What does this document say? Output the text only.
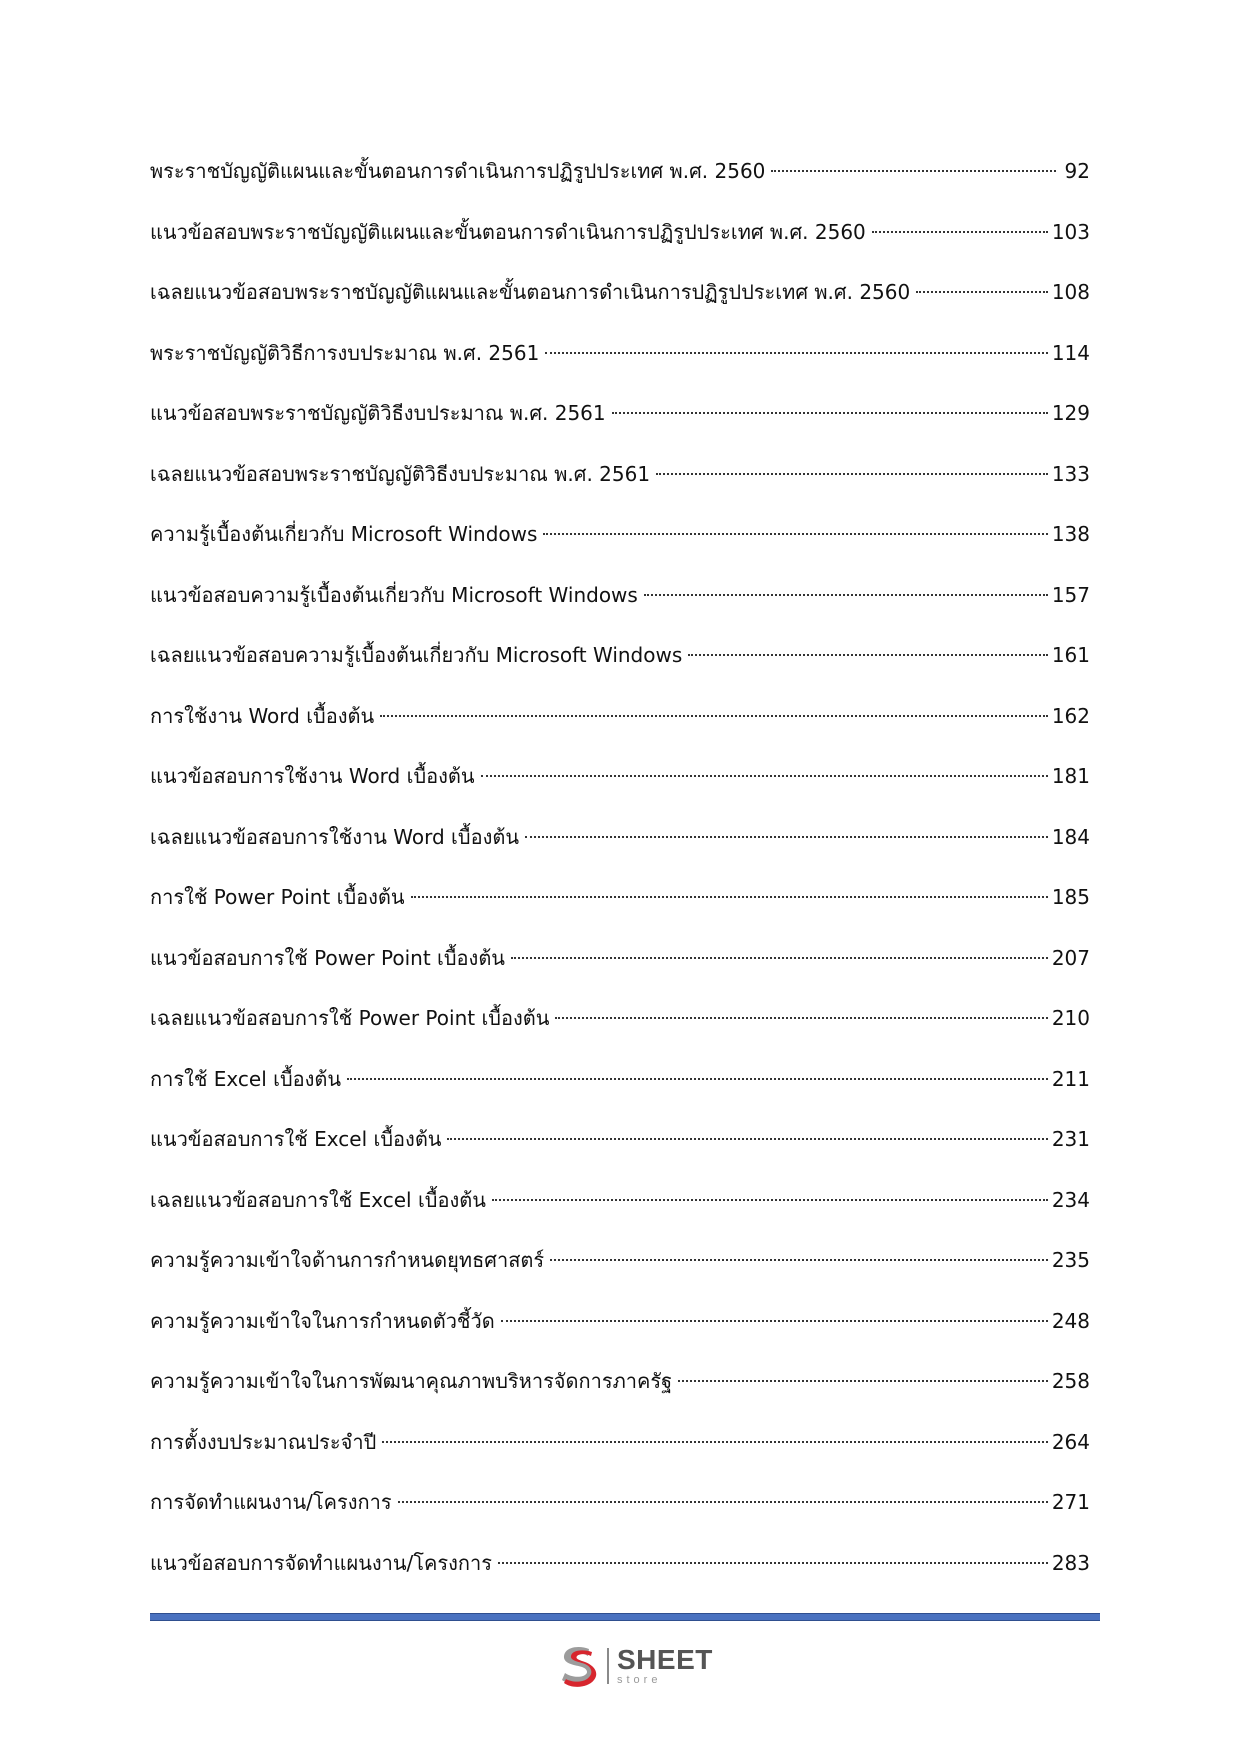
พระราชบัญญัติแผนและขั้นตอนการดำเนินการปฏิรูปประเทศ พ.ศ. 2560	92
แนวข้อสอบพระราชบัญญัติแผนและขั้นตอนการดำเนินการปฏิรูปประเทศ พ.ศ. 2560	103
เฉลยแนวข้อสอบพระราชบัญญัติแผนและขั้นตอนการดำเนินการปฏิรูปประเทศ พ.ศ. 2560	108
พระราชบัญญัติวิธีการงบประมาณ พ.ศ. 2561	114
แนวข้อสอบพระราชบัญญัติวิธีงบประมาณ พ.ศ. 2561	129
เฉลยแนวข้อสอบพระราชบัญญัติวิธีงบประมาณ พ.ศ. 2561	133
ความรู้เบื้องต้นเกี่ยวกับ Microsoft Windows	138
แนวข้อสอบความรู้เบื้องต้นเกี่ยวกับ Microsoft Windows	157
เฉลยแนวข้อสอบความรู้เบื้องต้นเกี่ยวกับ Microsoft Windows	161
การใช้งาน Word เบื้องต้น	162
แนวข้อสอบการใช้งาน Word เบื้องต้น	181
เฉลยแนวข้อสอบการใช้งาน Word เบื้องต้น	184
การใช้ Power Point เบื้องต้น	185
แนวข้อสอบการใช้ Power Point เบื้องต้น	207
เฉลยแนวข้อสอบการใช้ Power Point เบื้องต้น	210
การใช้ Excel เบื้องต้น	211
แนวข้อสอบการใช้ Excel เบื้องต้น	231
เฉลยแนวข้อสอบการใช้ Excel เบื้องต้น	234
ความรู้ความเข้าใจด้านการกำหนดยุทธศาสตร์	235
ความรู้ความเข้าใจในการกำหนดตัวชี้วัด	248
ความรู้ความเข้าใจในการพัฒนาคุณภาพบริหารจัดการภาครัฐ	258
การตั้งงบประมาณประจำปี	264
การจัดทำแผนงาน/โครงการ	271
แนวข้อสอบการจัดทำแผนงาน/โครงการ	283
SHEET
store
